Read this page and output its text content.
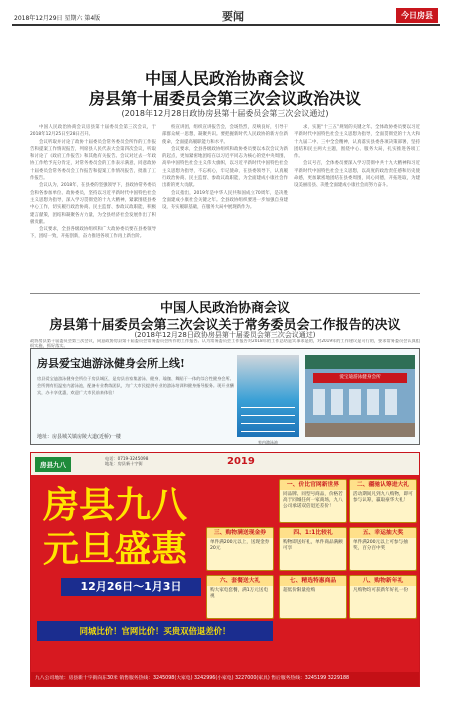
2018年12月29日 星期六 第4版	要闻	今日房县
中国人民政治协商会议
房县第十届委员会第三次会议政治决议
(2018年12月28日政协房县第十届委员会第三次会议通过)

中国人民政治协商会议房县第十届委员会第三次会议，于2018年12月25日至28日召开。

会议听取并讨论了政协十届委员会常务委员会所作的工作报告和提案工作情况报告，列席县人民代表大会第四次会议，听取和讨论了《政府工作报告》和其他有关报告。会议对过去一年政协工作给予充分肯定，对常务委员会的工作表示满意，同意政协十届委员会常务委员会工作报告和提案工作情况报告，批准了工作报告。

会议认为，2018年，在县委的坚强领导下，县政协常务委员会和各参加单位、政协委员，坚持以习近平新时代中国特色社会主义思想为指导，深入学习贯彻党的十九大精神，紧紧围绕县委中心工作，切实履行政治协商、民主监督、参政议政职能，积极建言献策，团结和凝聚各方力量，为全县经济社会发展作出了积极贡献。

会议要求，全县各级政协组织和广大政协委员要在县委领导下，团结一致，开拓创新，奋力推进各项工作再上新台阶。

校宣讲团，组织宣讲报告会，会场热烈，反响良好，引导干部群众统一思想，凝聚共识。要把握新时代人民政协的新方位新使命，全面提高履职能力和水平。

会议要求，全县各级政协组织和政协委员要以本次会议为新的起点，更加紧密地团结在以习近平同志为核心的党中央周围，高举中国特色社会主义伟大旗帜，以习近平新时代中国特色社会主义思想为指导，不忘初心，牢记使命，在县委领导下，认真履行政治协商、民主监督、参政议政职能，为全面建成小康社会作出新的更大贡献。

会议指出，2019年是中华人民共和国成立70周年，是决胜全面建成小康社会关键之年。全县政协组织要进一步加强自身建设，夯实履职基础，在服务大局中展现新作为。

求，实施“十三五”规划的关键之年。全体政协委员要以习近平新时代中国特色社会主义思想为指导，全面贯彻党的十九大和十九届二中、三中全会精神，认真落实县委各项决策部署，坚持团结和民主两大主题，围绕中心、服务大局，扎实推进各项工作。

会议号召，全体委员要深入学习贯彻中共十九大精神和习近平新时代中国特色社会主义思想，以高度的政治责任感和历史使命感，更加紧密地团结在县委周围，同心同德，开拓进取，为建设美丽房县、决胜全面建成小康社会而努力奋斗。

中国人民政治协商会议
房县第十届委员会第三次会议关于常务委员会工作报告的决议
(2018年12月28日政协房县第十届委员会第三次会议通过)
政协房县第十届委员会第三次会议，同意政协房县第十届委员会常务委员会所作的工作报告。认为常务委员会工作报告对2018年的工作总结是实事求是的，对2019年的工作建议是可行的，要求常务委员会认真组织实施，抓好落实。
房县爱宝迪游泳健身会所上线!
房县爱宝迪游泳健身会所位于房县城区，是房县首家集游泳、健身、瑜伽、舞蹈于一体的综合性健身会所。会所拥有恒温室内游泳池，配备专业教练团队，为广大市民提供专业的游泳培训和健身指导服务。现开业酬宾，办卡享优惠，欢迎广大市民前来体验！
地址：房县城关镇房陵大道(近桥)一楼
室内游泳池
爱宝迪游泳健身会所
房县九八
电话：0719-3245098
地址：房县新十字街	2019
房县九八
元旦盛惠
12月26日～1月3日
同城比价！官网比价！买贵双倍退差价！
一、价比官网新世界
同品牌、同型号商品，价格若高于同城任何一家商场，九八公司承诺双倍退还差价！
二、疆驰认筹进大礼
活动期间凡到九八购物，即可参与认筹，赢取豪华大礼！
三、购物满送现金券
单件满200元以上，送现金券20元
四、1:1比较礼
购物即送好礼，单件商品满额可享
五、幸运抽大奖
单件满200元以上可参与抽奖，百分百中奖
六、套餐送大礼
购大家电套餐，满1万元送电视
七、精选特惠商品
超低价限量抢购
八、购物新年礼
凡购物均可获新年好礼一份
九八公司地址：房县新十字街向东30米 销售服务热线：3245098(大家电) 3242996(小家电) 3227000(家具) 售后服务热线：3245199 3229188
